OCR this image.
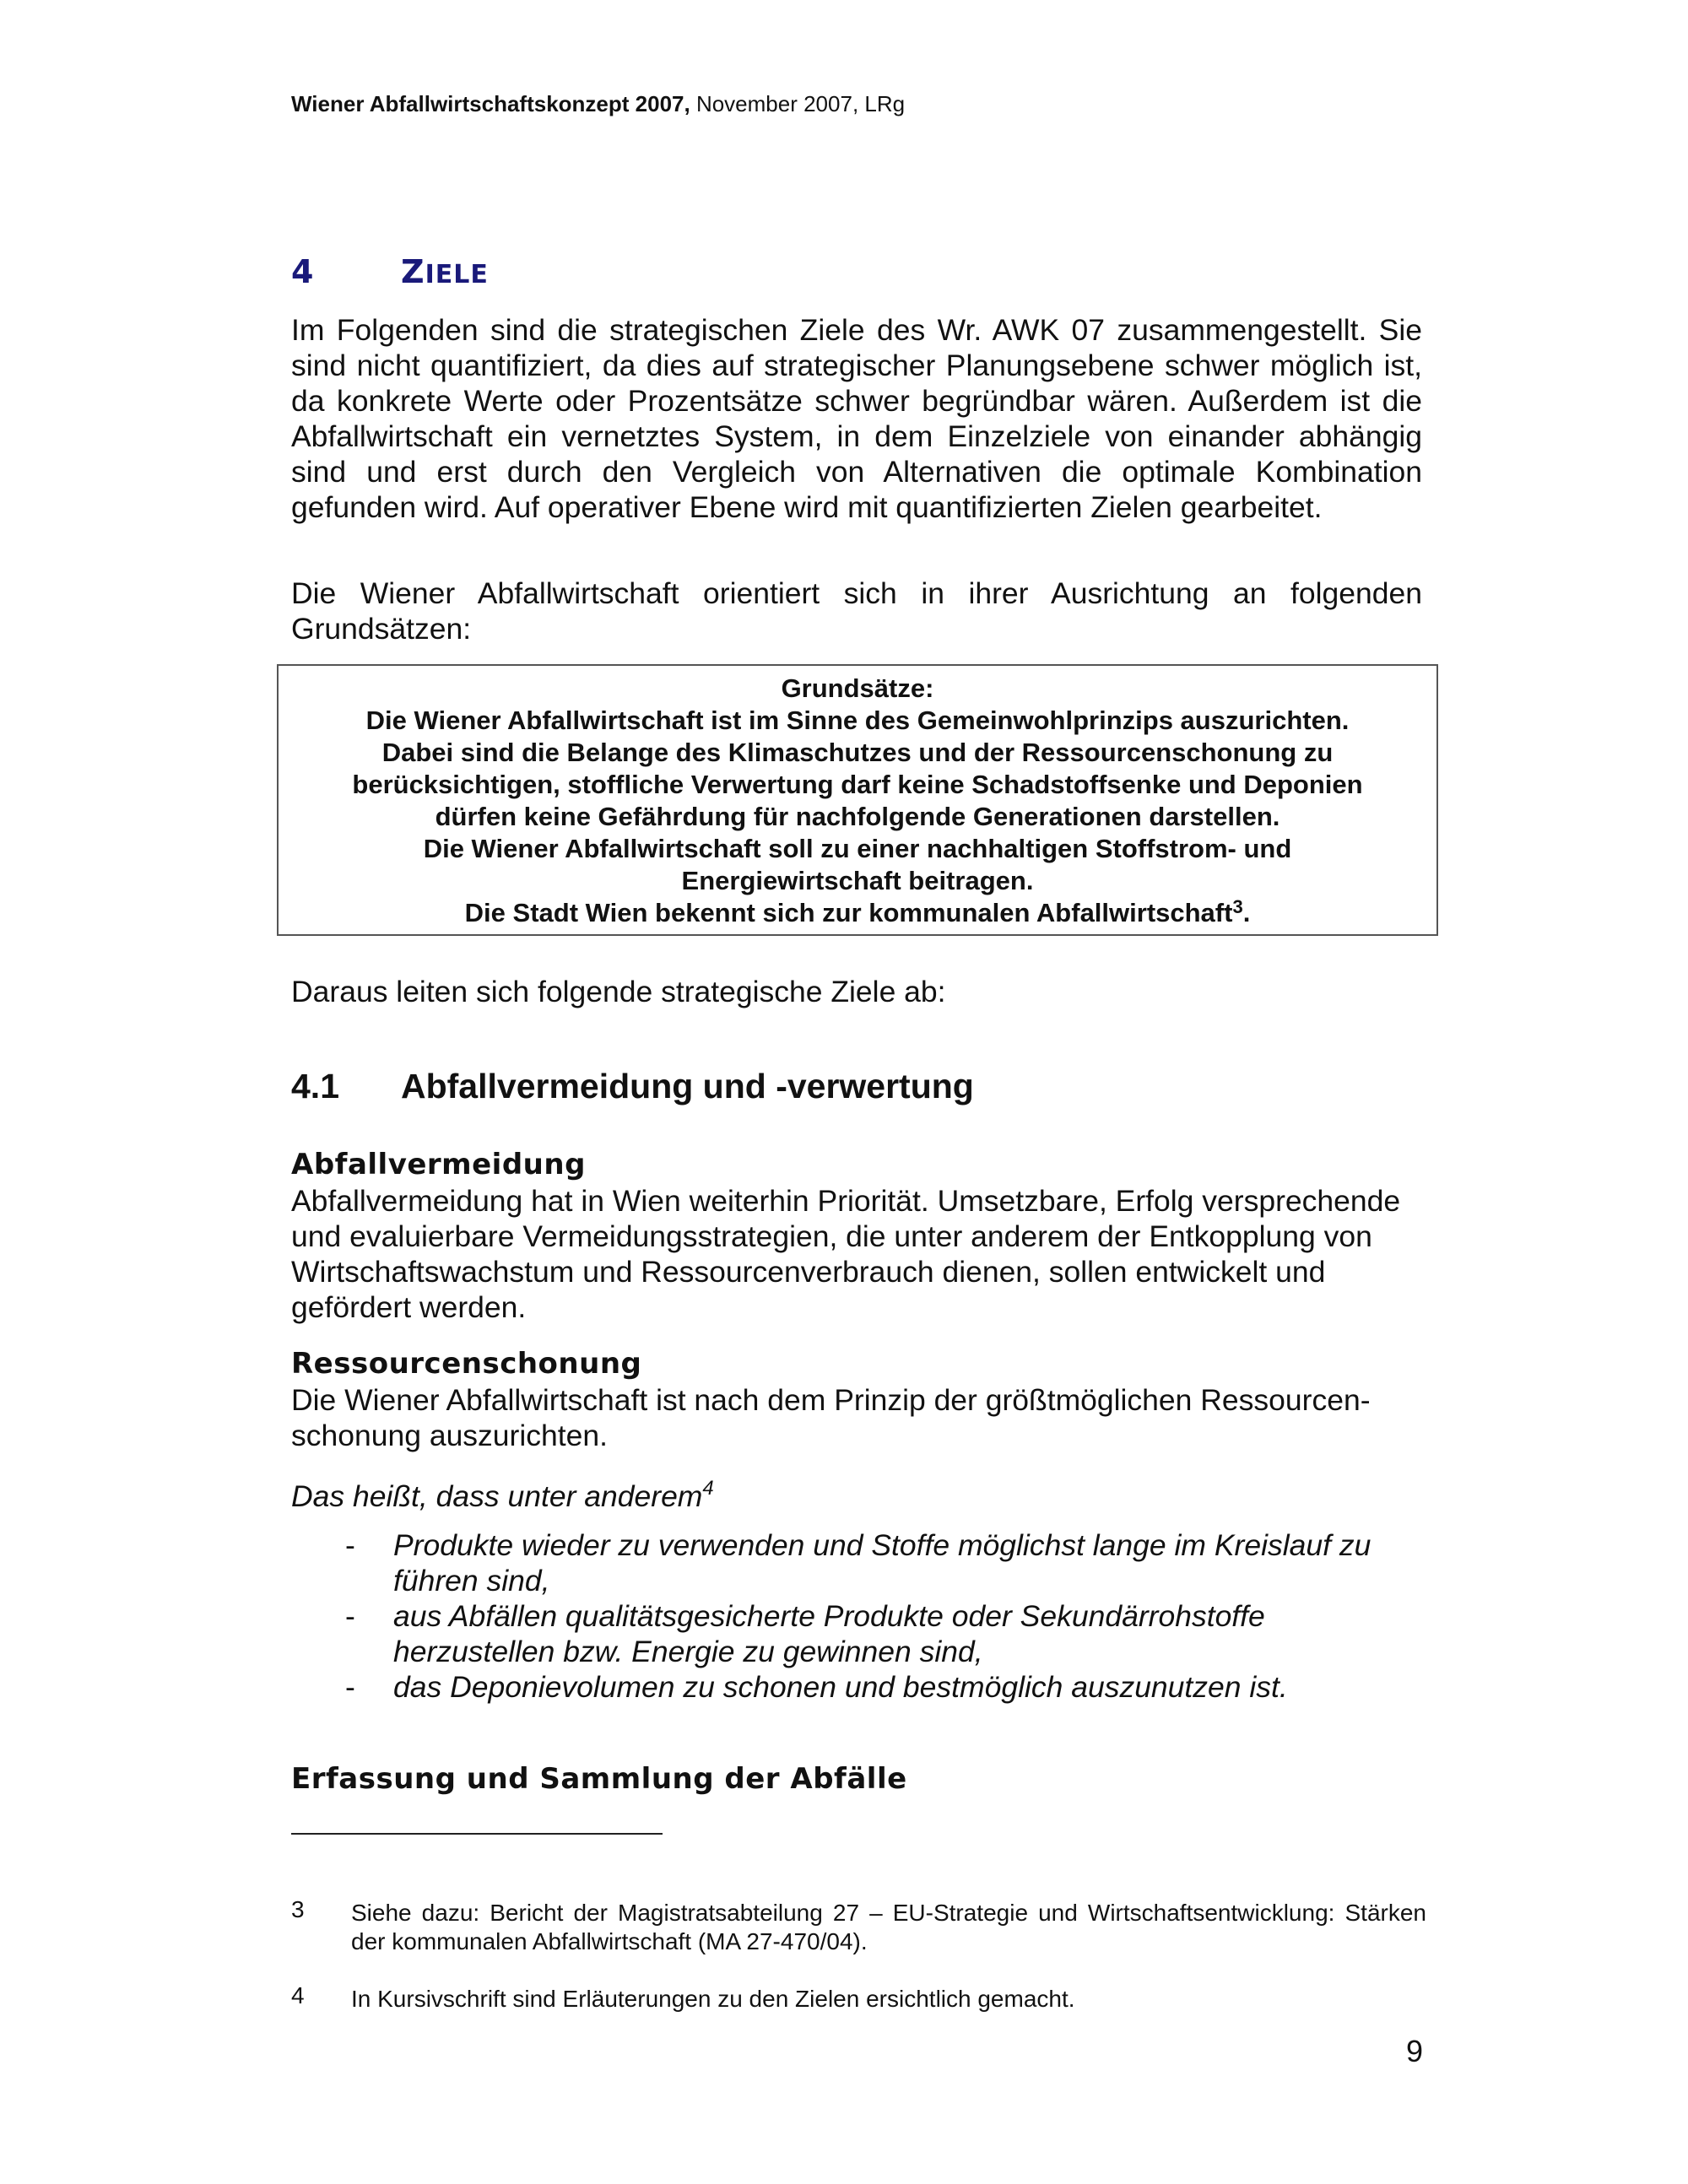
Wiener Abfallwirtschaftskonzept 2007, November 2007, LRg
4	ZIELE

Im Folgenden sind die strategischen Ziele des Wr. AWK 07 zusammengestellt. Sie sind nicht quantifiziert, da dies auf strategischer Planungsebene schwer möglich ist, da konkrete Werte oder Prozentsätze schwer begründbar wären. Außerdem ist die Abfallwirtschaft ein vernetztes System, in dem Einzelziele von einander abhängig sind und erst durch den Vergleich von Alternativen die optimale Kombination gefunden wird. Auf operativer Ebene wird mit quantifizierten Zielen gearbeitet.

Die Wiener Abfallwirtschaft orientiert sich in ihrer Ausrichtung an folgenden Grundsätzen:

Grundsätze:
Die Wiener Abfallwirtschaft ist im Sinne des Gemeinwohlprinzips auszurichten.
Dabei sind die Belange des Klimaschutzes und der Ressourcenschonung zu
berücksichtigen, stoffliche Verwertung darf keine Schadstoffsenke und Deponien
dürfen keine Gefährdung für nachfolgende Generationen darstellen.
Die Wiener Abfallwirtschaft soll zu einer nachhaltigen Stoffstrom- und
Energiewirtschaft beitragen.
Die Stadt Wien bekennt sich zur kommunalen Abfallwirtschaft$^3$.

Daraus leiten sich folgende strategische Ziele ab:

4.1	Abfallvermeidung und -verwertung
Abfallvermeidung

Abfallvermeidung hat in Wien weiterhin Priorität. Umsetzbare, Erfolg versprechende und evaluierbare Vermeidungsstrategien, die unter anderem der Entkopplung von Wirtschaftswachstum und Ressourcenverbrauch dienen, sollen entwickelt und gefördert werden.

Ressourcenschonung

Die Wiener Abfallwirtschaft ist nach dem Prinzip der größtmöglichen Ressourcen-schonung auszurichten.

Das heißt, dass unter anderem$^4$

- Produkte wieder zu verwenden und Stoffe möglichst lange im Kreislauf zu führen sind,
- aus Abfällen qualitätsgesicherte Produkte oder Sekundärrohstoffe herzustellen bzw. Energie zu gewinnen sind,
- das Deponievolumen zu schonen und bestmöglich auszunutzen ist.
Erfassung und Sammlung der Abfälle
3 Siehe dazu: Bericht der Magistratsabteilung 27 – EU-Strategie und Wirtschaftsentwicklung: Stärken der kommunalen Abfallwirtschaft (MA 27-470/04).
4 In Kursivschrift sind Erläuterungen zu den Zielen ersichtlich gemacht.
9
